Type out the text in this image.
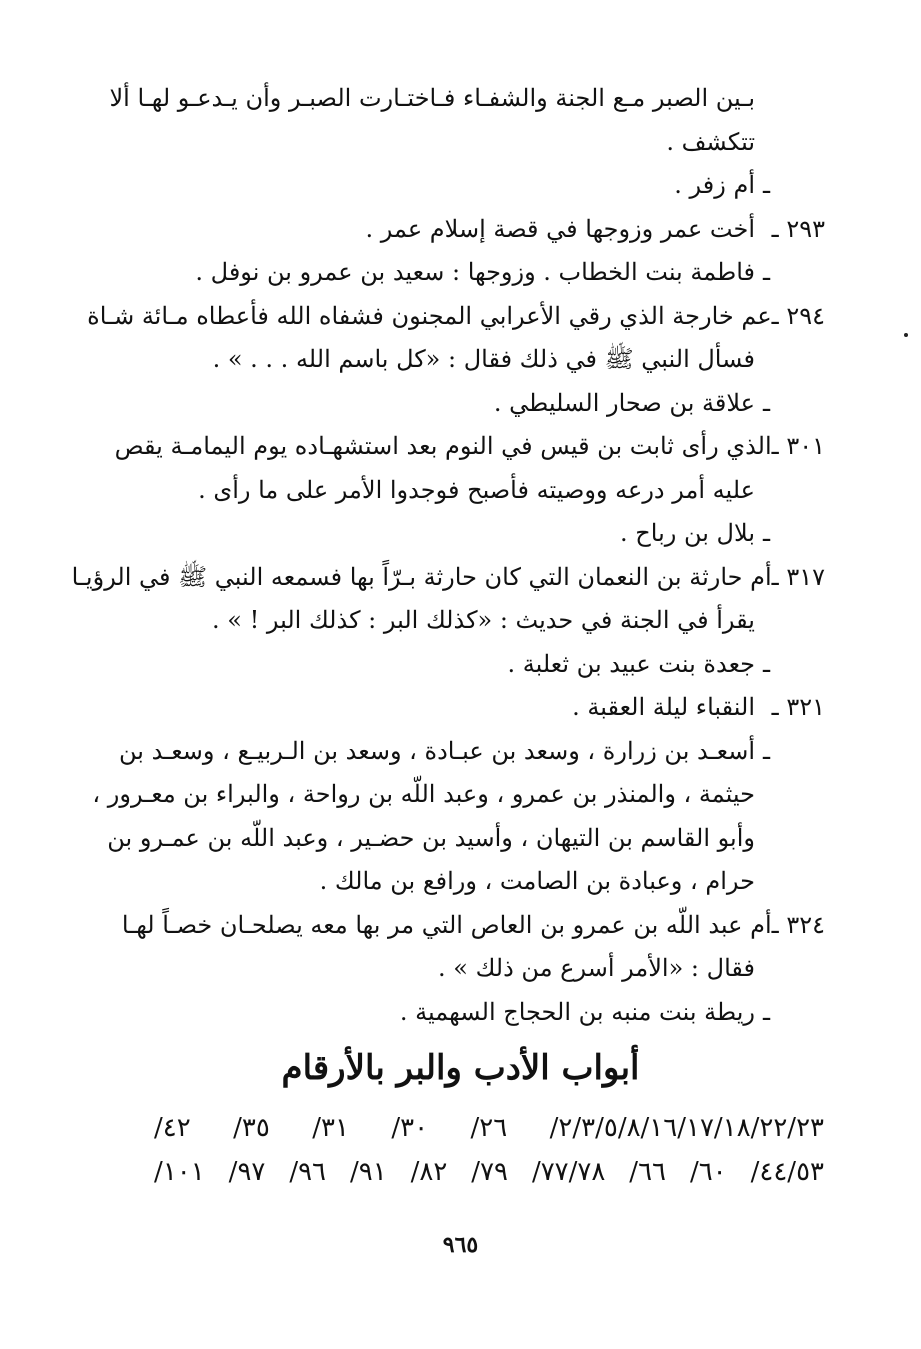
بـين الصبر مـع الجنة والشفـاء فـاختـارت الصبـر وأن يـدعـو لهـا ألا
تتكشف .
ـ
أم زفر .
٢٩٣ ـ
أخت عمر وزوجها في قصة إسلام عمر .
ـ
فاطمة بنت الخطاب . وزوجها : سعيد بن عمرو بن نوفل .
٢٩٤ ـ
عم خارجة الذي رقي الأعرابي المجنون فشفاه الله فأعطاه مـائة شـاة
فسأل النبي ﷺ في ذلك فقال : «كل باسم الله . . . » .
ـ
علاقة بن صحار السليطي .
٣٠١ ـ
الذي رأى ثابت بن قيس في النوم بعد استشهـاده يوم اليمامـة يقص
عليه أمر درعه ووصيته فأصبح فوجدوا الأمر على ما رأى .
ـ
بلال بن رباح .
٣١٧ ـ
أم حارثة بن النعمان التي كان حارثة بـرّاً بها فسمعه النبي ﷺ في الرؤيـا
يقرأ في الجنة في حديث : «كذلك البر : كذلك البر ! » .
ـ
جعدة بنت عبيد بن ثعلبة .
٣٢١ ـ
النقباء ليلة العقبة .
ـ
أسعـد بن زرارة ، وسعد بن عبـادة ، وسعد بن الـربيـع ، وسعـد بن
حيثمة ، والمنذر بن عمرو ، وعبد اللّه بن رواحة ، والبراء بن معـرور ،
وأبو القاسم بن التيهان ، وأسيد بن حضـير ، وعبد اللّه بن عمـرو بن
حرام ، وعبادة بن الصامت ، ورافع بن مالك .
٣٢٤ ـ
أم عبد اللّه بن عمرو بن العاص التي مر بها معه يصلحـان خصـاً لهـا
فقال : «الأمر أسرع من ذلك » .
ـ
ريطة بنت منبه بن الحجاج السهمية .
أبواب الأدب والبر بالأرقام
٢/٣/٥/٨/١٦/١٧/١٨/٢٢/٢٣/
٢٦/
٣٠/
٣١/
٣٥/
٤٢/
٤٤/٥٣/
٦٠/
٦٦/
٧٧/٧٨/
٧٩/
٨٢/
٩١/
٩٦/
٩٧/
١٠١/
٩٦٥
